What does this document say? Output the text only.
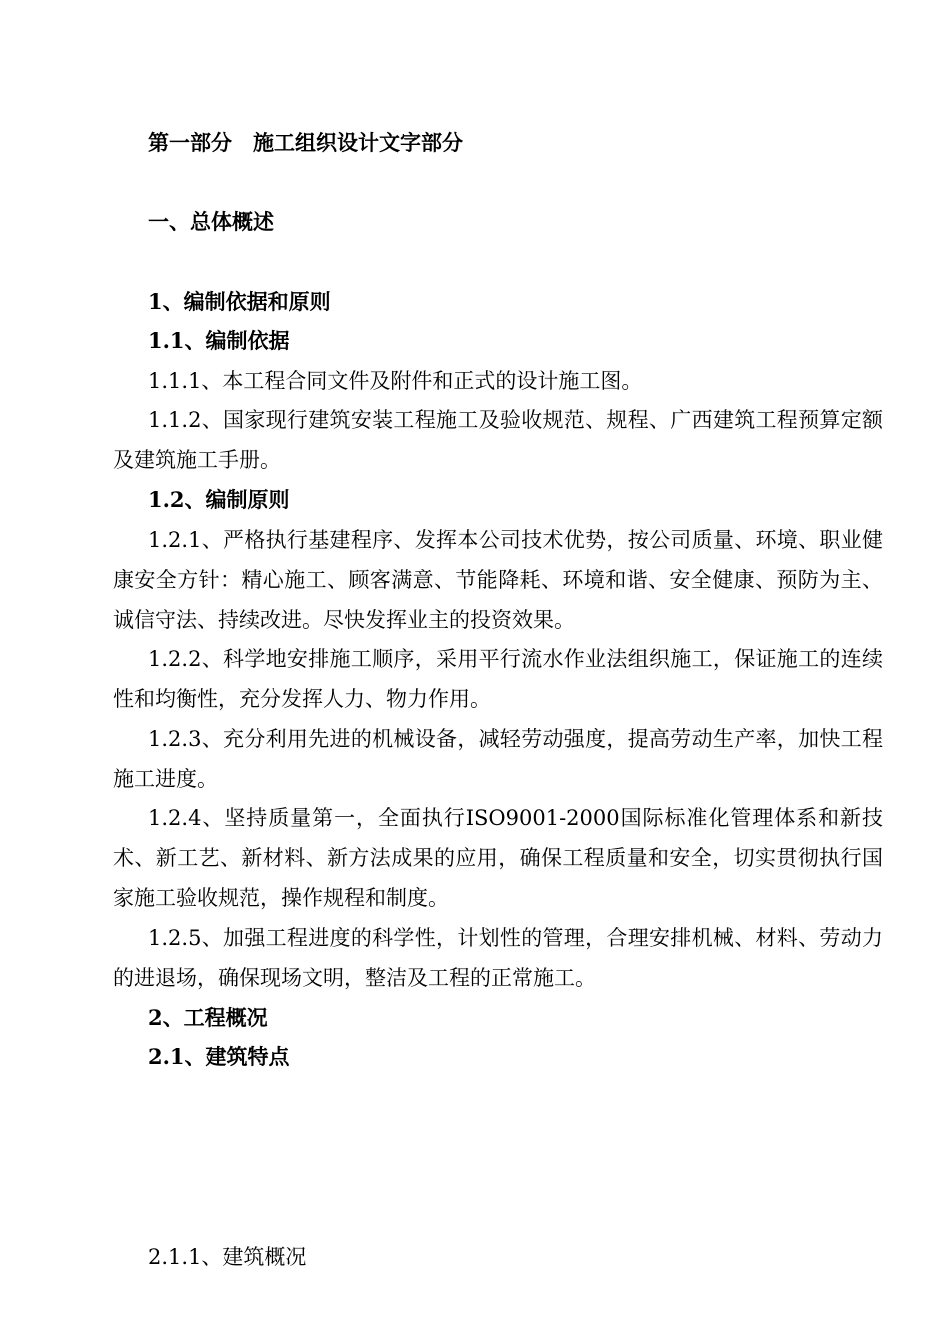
第一部分　施工组织设计文字部分
一、总体概述
1、编制依据和原则
1.1、编制依据

1.1.1、本工程合同文件及附件和正式的设计施工图。

1.1.2、国家现行建筑安装工程施工及验收规范、规程、广西建筑工程预算定额及建筑施工手册。

1.2、编制原则

1.2.1、严格执行基建程序、发挥本公司技术优势，按公司质量、环境、职业健康安全方针：精心施工、顾客满意、节能降耗、环境和谐、安全健康、预防为主、诚信守法、持续改进。尽快发挥业主的投资效果。

1.2.2、科学地安排施工顺序，采用平行流水作业法组织施工，保证施工的连续性和均衡性，充分发挥人力、物力作用。

1.2.3、充分利用先进的机械设备，减轻劳动强度，提高劳动生产率，加快工程施工进度。

1.2.4、坚持质量第一，全面执行ISO9001-2000国际标准化管理体系和新技术、新工艺、新材料、新方法成果的应用，确保工程质量和安全，切实贯彻执行国家施工验收规范，操作规程和制度。

1.2.5、加强工程进度的科学性，计划性的管理，合理安排机械、材料、劳动力的进退场，确保现场文明，整洁及工程的正常施工。

2、工程概况
2.1、建筑特点
2.1.1、建筑概况
